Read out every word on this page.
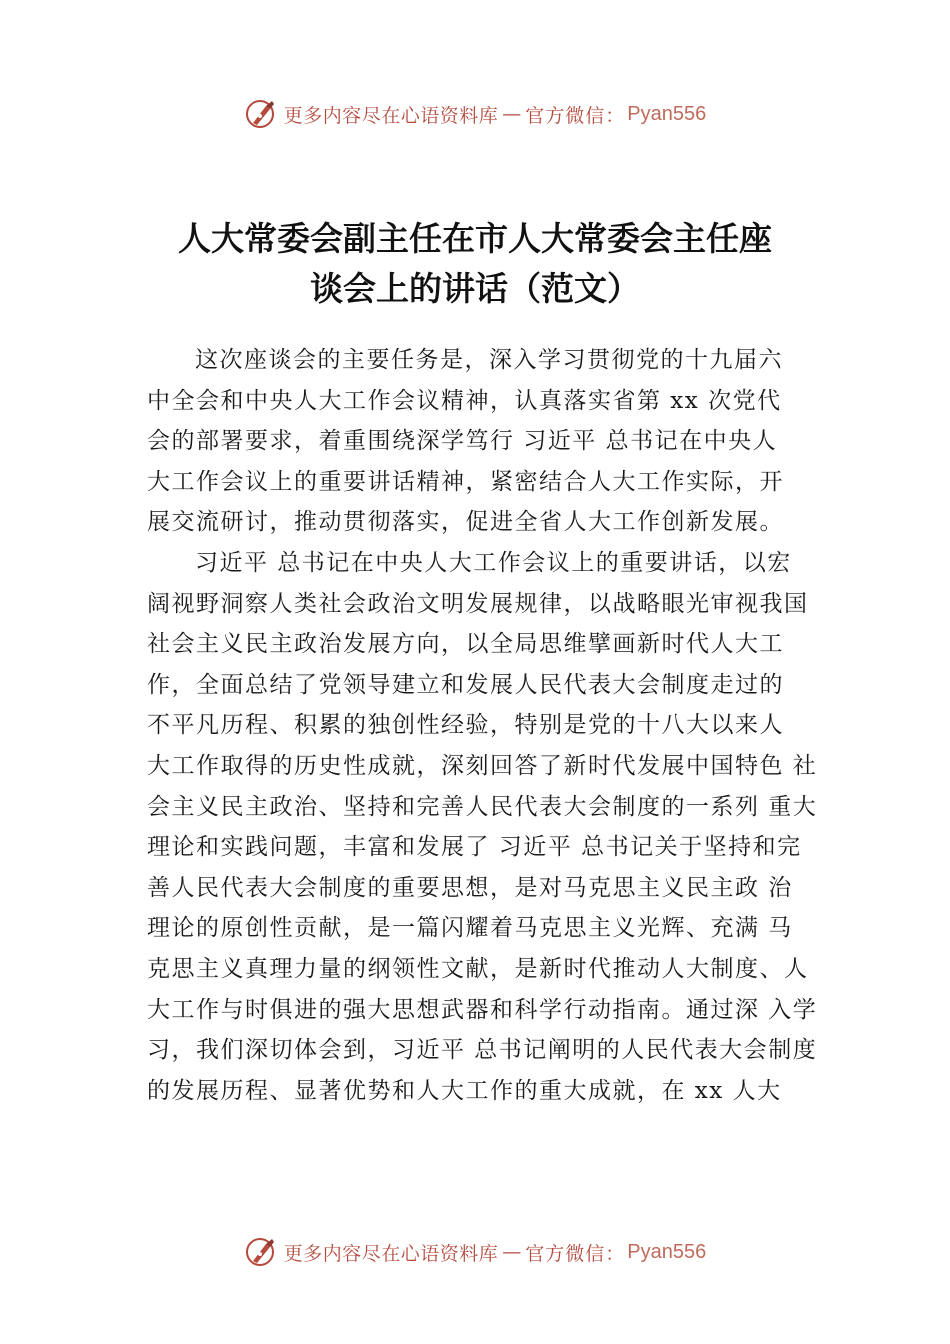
更多内容尽在心语资料库 — 官方微信： Pyan556
人大常委会副主任在市人大常委会主任座
谈会上的讲话（范文）
这次座谈会的主要任务是，深入学习贯彻党的十九届六
中全会和中央人大工作会议精神，认真落实省第 xx 次党代
会的部署要求，着重围绕深学笃行 习近平 总书记在中央人
大工作会议上的重要讲话精神，紧密结合人大工作实际，开
展交流研讨，推动贯彻落实，促进全省人大工作创新发展。
习近平 总书记在中央人大工作会议上的重要讲话，以宏
阔视野洞察人类社会政治文明发展规律，以战略眼光审视我国
社会主义民主政治发展方向，以全局思维擘画新时代人大工
作，全面总结了党领导建立和发展人民代表大会制度走过的
不平凡历程、积累的独创性经验，特别是党的十八大以来人
大工作取得的历史性成就，深刻回答了新时代发展中国特色 社
会主义民主政治、坚持和完善人民代表大会制度的一系列 重大
理论和实践问题，丰富和发展了 习近平 总书记关于坚持和完
善人民代表大会制度的重要思想，是对马克思主义民主政 治
理论的原创性贡献，是一篇闪耀着马克思主义光辉、充满 马
克思主义真理力量的纲领性文献，是新时代推动人大制度、人
大工作与时俱进的强大思想武器和科学行动指南。通过深 入学
习，我们深切体会到，习近平 总书记阐明的人民代表大会制度
的发展历程、显著优势和人大工作的重大成就，在 xx 人大
更多内容尽在心语资料库 — 官方微信： Pyan556
